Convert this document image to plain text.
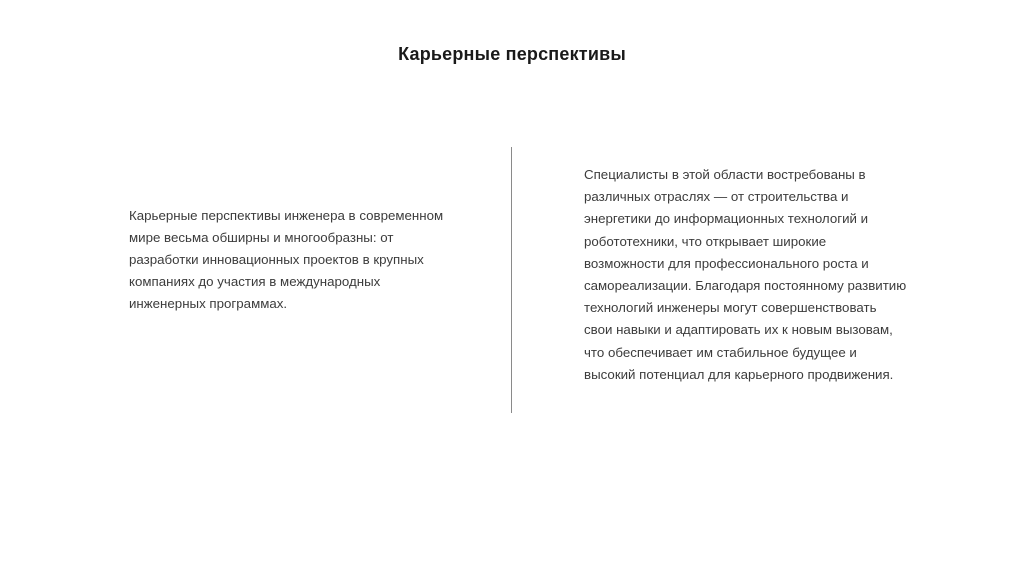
Карьерные перспективы
Карьерные перспективы инженера в современном
мире весьма обширны и многообразны: от
разработки инновационных проектов в крупных
компаниях до участия в международных
инженерных программах.
Специалисты в этой области востребованы в
различных отраслях — от строительства и
энергетики до информационных технологий и
робототехники, что открывает широкие
возможности для профессионального роста и
самореализации. Благодаря постоянному развитию
технологий инженеры могут совершенствовать
свои навыки и адаптировать их к новым вызовам,
что обеспечивает им стабильное будущее и
высокий потенциал для карьерного продвижения.
